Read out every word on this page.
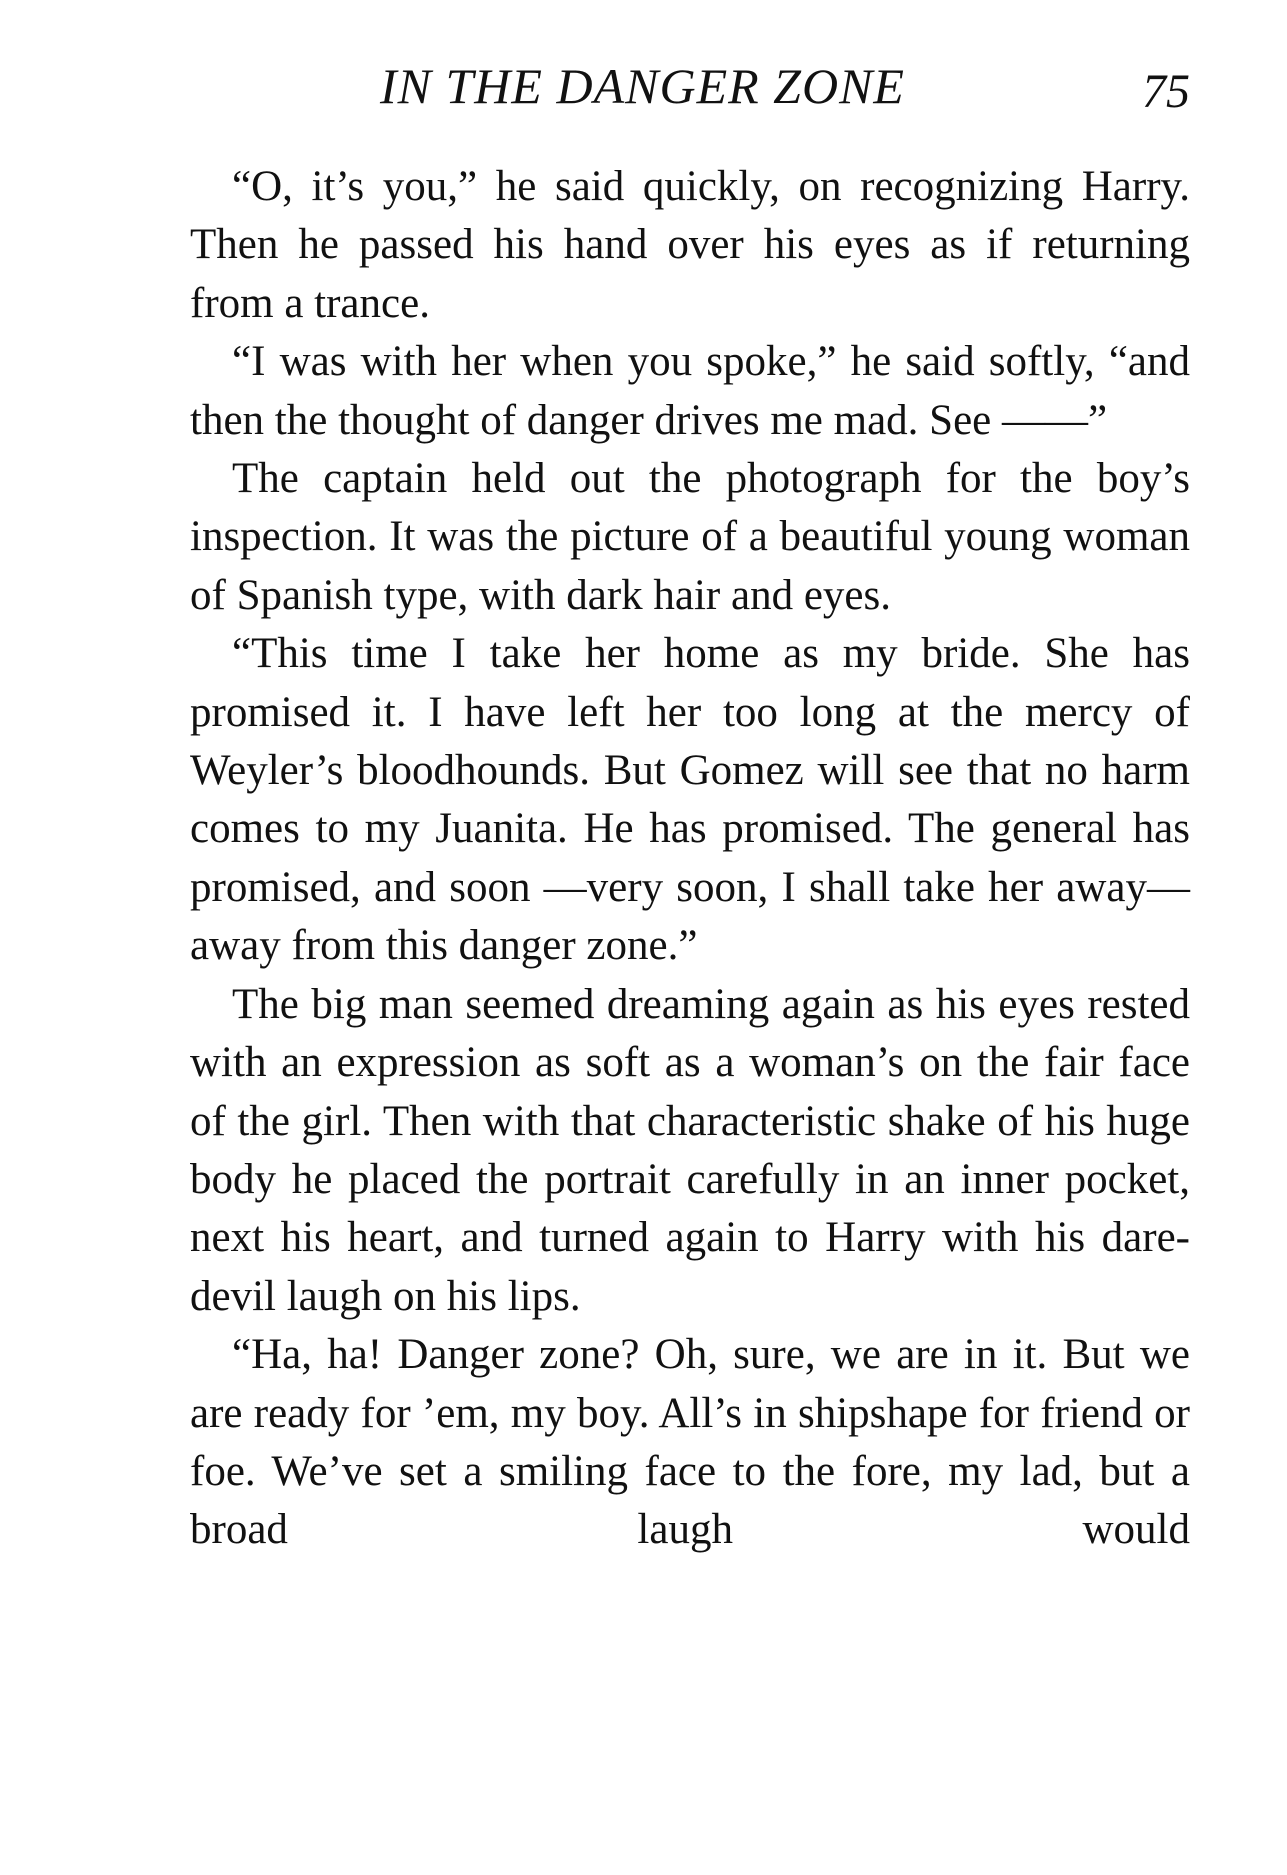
IN THE DANGER ZONE	75

“O, it’s you,” he said quickly, on recognizing Harry. Then he passed his hand over his eyes as if returning from a trance.

“I was with her when you spoke,” he said softly, “and then the thought of danger drives me mad. See ——”

The captain held out the photograph for the boy’s inspection. It was the picture of a beautiful young woman of Spanish type, with dark hair and eyes.

“This time I take her home as my bride. She has promised it. I have left her too long at the mercy of Weyler’s bloodhounds. But Gomez will see that no harm comes to my Juanita. He has promised. The general has promised, and soon —very soon, I shall take her away—away from this danger zone.”

The big man seemed dreaming again as his eyes rested with an expression as soft as a woman’s on the fair face of the girl. Then with that characteristic shake of his huge body he placed the portrait carefully in an inner pocket, next his heart, and turned again to Harry with his dare-devil laugh on his lips.

“Ha, ha! Danger zone? Oh, sure, we are in it. But we are ready for ’em, my boy. All’s in shipshape for friend or foe. We’ve set a smiling face to the fore, my lad, but a broad laugh would
